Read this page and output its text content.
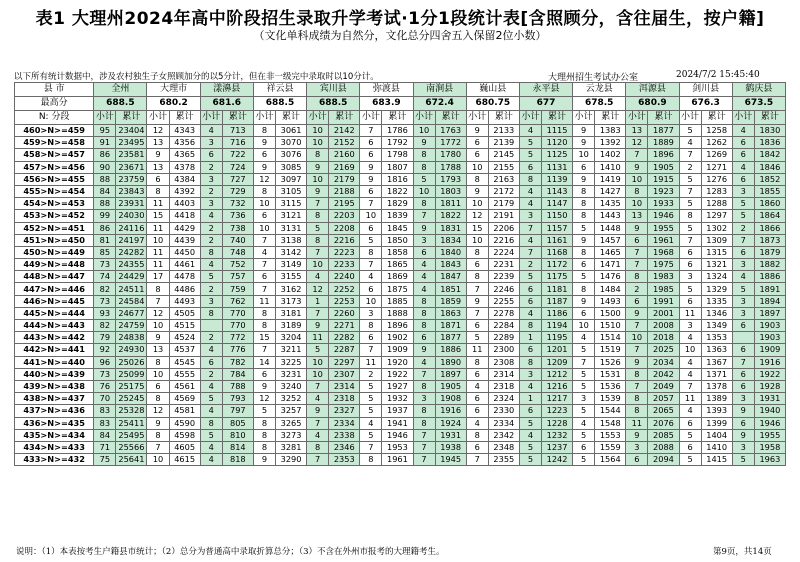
表1 大理州2024年高中阶段招生录取升学考试·1分1段统计表[含照顾分，含往届生，按户籍]
（文化单科成绩为自然分，文化总分四舍五入保留2位小数）
以下所有统计数据中，涉及农村独生子女照顾加分的以5分计，但在非一级完中录取时以10分计。	大理州招生考试办公室	2024/7/2 15:45:40
县 市	全州		大理市		漾濞县		祥云县		宾川县		弥渡县		南涧县		巍山县		永平县		云龙县		洱源县		剑川县		鹤庆县	
最高分	688.5		680.2		681.6		688.5		688.5		683.9		672.4		680.75		677		678.5		680.9		676.3		673.5	
N: 分段	小计	累计	小计	累计	小计	累计	小计	累计	小计	累计	小计	累计	小计	累计	小计	累计	小计	累计	小计	累计	小计	累计	小计	累计	小计	累计
460>N>=459	95	23404	12	4343	4	713	8	3061	10	2142	7	1786	10	1763	9	2133	4	1115	9	1383	13	1877	5	1258	4	1830
459>N>=458	91	23495	13	4356	3	716	9	3070	10	2152	6	1792	9	1772	6	2139	5	1120	9	1392	12	1889	4	1262	6	1836
458>N>=457	86	23581	9	4365	6	722	6	3076	8	2160	6	1798	8	1780	6	2145	5	1125	10	1402	7	1896	7	1269	6	1842
457>N>=456	90	23671	13	4378	2	724	9	3085	9	2169	9	1807	8	1788	10	2155	6	1131	6	1410	9	1905	2	1271	4	1846
456>N>=455	88	23759	6	4384	3	727	12	3097	10	2179	9	1816	5	1793	8	2163	8	1139	9	1419	10	1915	5	1276	6	1852
455>N>=454	84	23843	8	4392	2	729	8	3105	9	2188	6	1822	10	1803	9	2172	4	1143	8	1427	8	1923	7	1283	3	1855
454>N>=453	88	23931	11	4403	3	732	10	3115	7	2195	7	1829	8	1811	10	2179	4	1147	8	1435	10	1933	5	1288	5	1860
453>N>=452	99	24030	15	4418	4	736	6	3121	8	2203	10	1839	7	1822	12	2191	3	1150	8	1443	13	1946	8	1297	5	1864
452>N>=451	86	24116	11	4429	2	738	10	3131	5	2208	6	1845	9	1831	15	2206	7	1157	5	1448	9	1955	5	1302	2	1866
451>N>=450	81	24197	10	4439	2	740	7	3138	8	2216	5	1850	3	1834	10	2216	4	1161	9	1457	6	1961	7	1309	7	1873
450>N>=449	85	24282	11	4450	8	748	4	3142	7	2223	8	1858	6	1840	8	2224	7	1168	8	1465	7	1968	6	1315	6	1879
449>N>=448	73	24355	11	4461	4	752	7	3149	10	2233	7	1865	4	1843	6	2231	2	1172	6	1471	7	1975	6	1321	3	1882
448>N>=447	74	24429	17	4478	5	757	6	3155	4	2240	4	1869	4	1847	8	2239	5	1175	5	1476	8	1983	3	1324	4	1886
447>N>=446	82	24511	8	4486	2	759	7	3162	12	2252	6	1875	4	1851	7	2246	6	1181	8	1484	2	1985	5	1329	5	1891
446>N>=445	73	24584	7	4493	3	762	11	3173	1	2253	10	1885	8	1859	9	2255	6	1187	9	1493	6	1991	6	1335	3	1894
445>N>=444	93	24677	12	4505	8	770	8	3181	7	2260	3	1888	8	1863	7	2278	4	1186	6	1500	9	2001	11	1346	3	1897
444>N>=443	82	24759	10	4515		770	8	3189	9	2271	8	1896	8	1871	6	2284	8	1194	10	1510	7	2008	3	1349	6	1903
443>N>=442	79	24838	9	4524	2	772	15	3204	11	2282	6	1902	6	1877	5	2289	1	1195	4	1514	10	2018	4	1353		1903
442>N>=441	92	24930	13	4537	4	776	7	3211	5	2287	7	1909	9	1886	11	2300	6	1201	5	1519	7	2025	10	1363	6	1909
441>N>=440	96	25026	8	4545	6	782	14	3225	10	2297	11	1920	4	1890	8	2308	8	1209	7	1526	9	2034	4	1367	7	1916
440>N>=439	73	25099	10	4555	2	784	6	3231	10	2307	2	1922	7	1897	6	2314	3	1212	5	1531	8	2042	4	1371	6	1922
439>N>=438	76	25175	6	4561	4	788	9	3240	7	2314	5	1927	8	1905	4	2318	4	1216	5	1536	7	2049	7	1378	6	1928
438>N>=437	70	25245	8	4569	5	793	12	3252	4	2318	5	1932	3	1908	6	2324	1	1217	3	1539	8	2057	11	1389	3	1931
437>N>=436	83	25328	12	4581	4	797	5	3257	9	2327	5	1937	8	1916	6	2330	6	1223	5	1544	8	2065	4	1393	9	1940
436>N>=435	83	25411	9	4590	8	805	8	3265	7	2334	4	1941	8	1924	4	2334	5	1228	4	1548	11	2076	6	1399	6	1946
435>N>=434	84	25495	8	4598	5	810	8	3273	4	2338	5	1946	7	1931	8	2342	4	1232	5	1553	9	2085	5	1404	9	1955
434>N>=433	71	25566	7	4605	4	814	8	3281	8	2346	7	1953	7	1938	6	2348	5	1237	6	1559	3	2088	6	1410	3	1958
433>N>=432	75	25641	10	4615	4	818	9	3290	7	2353	8	1961	7	1945	7	2355	5	1242	5	1564	6	2094	5	1415	5	1963
说明：（1）本表按考生户籍县市统计；（2）总分为普通高中录取折算总分；（3）不含在外州市报考的大理籍考生。	第9页，共14页
